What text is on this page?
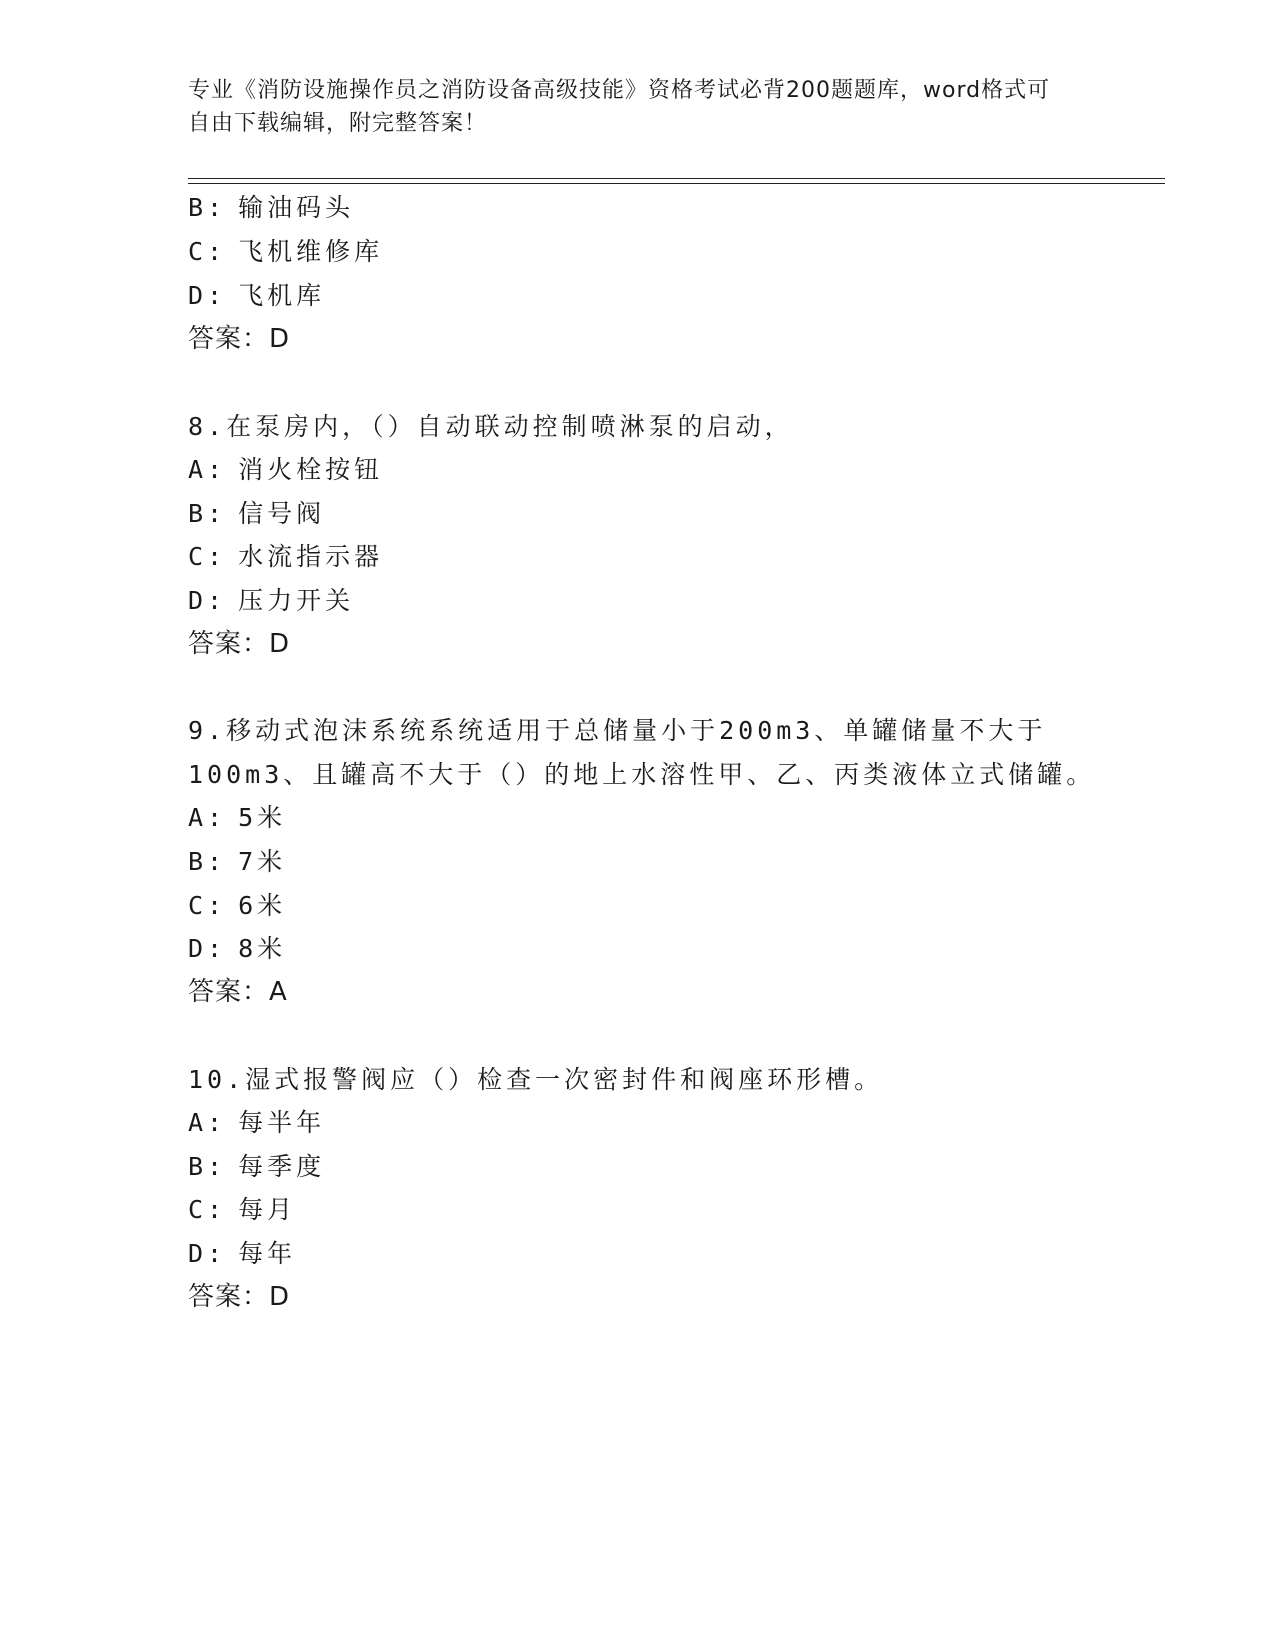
专业《消防设施操作员之消防设备高级技能》资格考试必背200题题库，word格式可自由下载编辑，附完整答案！
B: 输油码头
C: 飞机维修库
D: 飞机库
答案：D
8.在泵房内，（）自动联动控制喷淋泵的启动，
A: 消火栓按钮
B: 信号阀
C: 水流指示器
D: 压力开关
答案：D
9.移动式泡沫系统系统适用于总储量小于200m3、单罐储量不大于
100m3、且罐高不大于（）的地上水溶性甲、乙、丙类液体立式储罐。
A: 5米
B: 7米
C: 6米
D: 8米
答案：A
10.湿式报警阀应（）检查一次密封件和阀座环形槽。
A: 每半年
B: 每季度
C: 每月
D: 每年
答案：D
